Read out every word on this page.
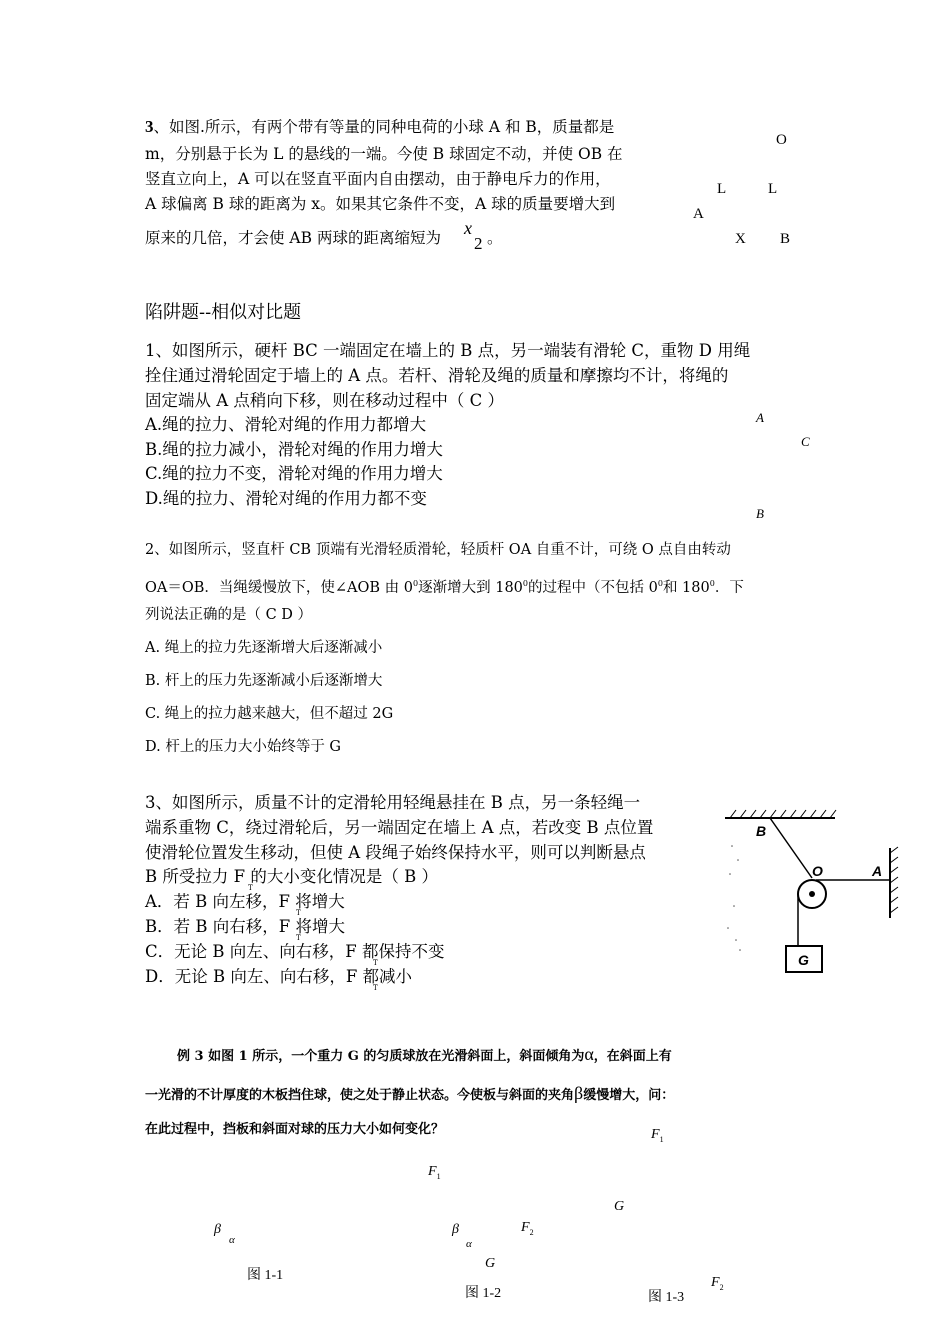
3、如图.所示，有两个带有等量的同种电荷的小球 A 和 B，质量都是
m，分别悬于长为 L 的悬线的一端。今使 B 球固定不动，并使 OB 在
竖直立向上，A 可以在竖直平面内自由摆动，由于静电斥力的作用，
A 球偏离 B 球的距离为 x。如果其它条件不变，A 球的质量要增大到
原来的几倍，才会使 AB 两球的距离缩短为 x
2 。
O
L	L
A
X B
陷阱题--相似对比题
1、如图所示，硬杆 BC 一端固定在墙上的 B 点，另一端装有滑轮 C，重物 D 用绳
拴住通过滑轮固定于墙上的 A 点。若杆、滑轮及绳的质量和摩擦均不计，将绳的
固定端从 A 点稍向下移，则在移动过程中（ C ）
A.绳的拉力、滑轮对绳的作用力都增大
B.绳的拉力减小，滑轮对绳的作用力增大
C.绳的拉力不变，滑轮对绳的作用力增大
D.绳的拉力、滑轮对绳的作用力都不变
A
C
B
2、如图所示，竖直杆 CB 顶端有光滑轻质滑轮，轻质杆 OA 自重不计，可绕 O 点自由转动
OA＝OB．当绳缓慢放下，使∠AOB 由 $0^0$逐渐增大到 $180^0$的过程中（不包括 $0^0$和 $180^0$．下
列说法正确的是（ C D ）
A. 绳上的拉力先逐渐增大后逐渐减小
B. 杆上的压力先逐渐减小后逐渐增大
C. 绳上的拉力越来越大，但不超过 2G
D. 杆上的压力大小始终等于 G
3、如图所示，质量不计的定滑轮用轻绳悬挂在 B 点，另一条轻绳一
端系重物 C，绕过滑轮后，另一端固定在墙上 A 点，若改变 B 点位置
使滑轮位置发生移动，但使 A 段绳子始终保持水平，则可以判断悬点
B 所受拉力 F 的大小变化情况是（ B ）
T
A．若 B 向左移，F 将增大
T
B．若 B 向右移，F 将增大
T
C．无论 B 向左、向右移，F 都保持不变
T
D．无论 B 向左、向右移，F 都减小
T
B
O	A
G
例 3 如图 1 所示，一个重力 G 的匀质球放在光滑斜面上，斜面倾角为α，在斜面上有
一光滑的不计厚度的木板挡住球，使之处于静止状态。今使板与斜面的夹角β缓慢增大，问：
在此过程中，挡板和斜面对球的压力大小如何变化？	$F_1$
$F_1$
G
$F_2$
β
α
β
α
G
$F_2$
图 1-1
图 1-2	图 1-3
